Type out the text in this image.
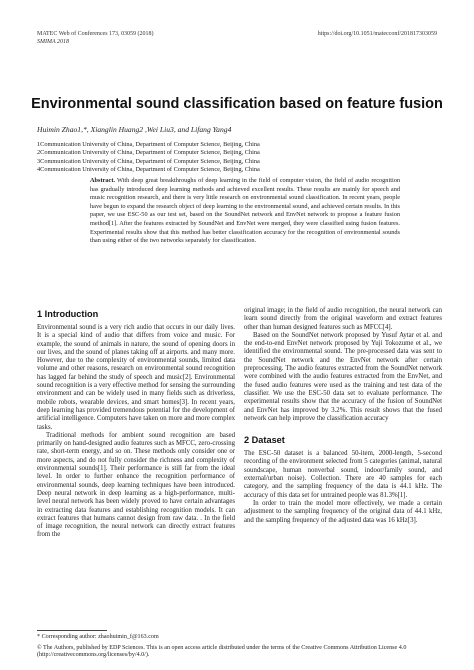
MATEC Web of Conferences 173, 03059 (2018)	https://doi.org/10.1051/matecconf/201817303059
SMIMA 2018
Environmental sound classification based on feature fusion
Huimin Zhao1,*, Xianglin Huang2 ,Wei Liu3, and Lifang Yang4
1Communication University of China, Department of Computer Science, Beijing, China
2Communication University of China, Department of Computer Science, Beijing, China
3Communication University of China, Department of Computer Science, Beijing, China
4Communication University of China, Department of Computer Science, Beijing, China
Abstract. With deep great breakthroughs of deep learning in the field of computer vision, the field of audio recognition has gradually introduced deep learning methods and achieved excellent results. These results are mainly for speech and music recognition research, and there is very little research on environmental sound classification. In recent years, people have begun to expand the research object of deep learning to the environmental sound, and achieved certain results. In this paper, we use ESC-50 as our test set, based on the SoundNet network and EnvNet network to propose a feature fusion method[1]. After the features extracted by SoundNet and EnvNet were merged, they were classified using fusion features. Experimental results show that this method has better classification accuracy for the recognition of environmental sounds than using either of the two networks separately for classification.
1 Introduction

Environmental sound is a very rich audio that occurs in our daily lives. It is a special kind of audio that differs from voice and music. For example, the sound of animals in nature, the sound of opening doors in our lives, and the sound of planes taking off at airports. and many more. However, due to the complexity of environmental sounds, limited data volume and other reasons, research on environmental sound recognition has lagged far behind the study of speech and music[2]. Environmental sound recognition is a very effective method for sensing the surrounding environment and can be widely used in many fields such as driverless, mobile robots, wearable devices, and smart homes[3]. In recent years, deep learning has provided tremendous potential for the development of artificial intelligence. Computers have taken on more and more complex tasks.

Traditional methods for ambient sound recognition are based primarily on hand-designed audio features such as MFCC, zero-crossing rate, short-term energy, and so on. These methods only consider one or more aspects, and do not fully consider the richness and complexity of environmental sounds[1]. Their performance is still far from the ideal level. In order to further enhance the recognition performance of environmental sounds, deep learning techniques have been introduced. Deep neural network in deep learning as a high-performance, multi-level neural network has been widely proved to have certain advantages in extracting data features and establishing recognition models. It can extract features that humans cannot design from raw data. . In the field of image recognition, the neural network can directly extract features from the

original image; in the field of audio recognition, the neural network can learn sound directly from the original waveform and extract features other than human designed features such as MFCC[4].

Based on the SoundNet network proposed by Yusuf Aytar et al. and the end-to-end EnvNet network proposed by Yuji Tokozume et al., we identified the environmental sound. The pre-processed data was sent to the SoundNet network and the EnvNet network after certain preprocessing. The audio features extracted from the SoundNet network were combined with the audio features extracted from the EnvNet, and the fused audio features were used as the training and test data of the classifier. We use the ESC-50 data set to evaluate performance. The experimental results show that the accuracy of the fusion of SoundNet and EnvNet has improved by 3.2%. This result shows that the fused network can help improve the classification accuracy

2 Dataset

The ESC-50 dataset is a balanced 50-item, 2000-length, 5-second recording of the environment selected from 5 categories (animal, natural soundscape, human nonverbal sound, indoor/family sound, and external/urban noise). Collection. There are 40 samples for each category, and the sampling frequency of the data is 44.1 kHz. The accuracy of this data set for untrained people was 81.3%[1].

In order to train the model more effectively, we made a certain adjustment to the sampling frequency of the original data of 44.1 kHz, and the sampling frequency of the adjusted data was 16 kHz[3].

* Corresponding author: zhaohuimin_f@163.com
© The Authors, published by EDP Sciences. This is an open access article distributed under the terms of the Creative Commons Attribution License 4.0 (http://creativecommons.org/licenses/by/4.0/).
